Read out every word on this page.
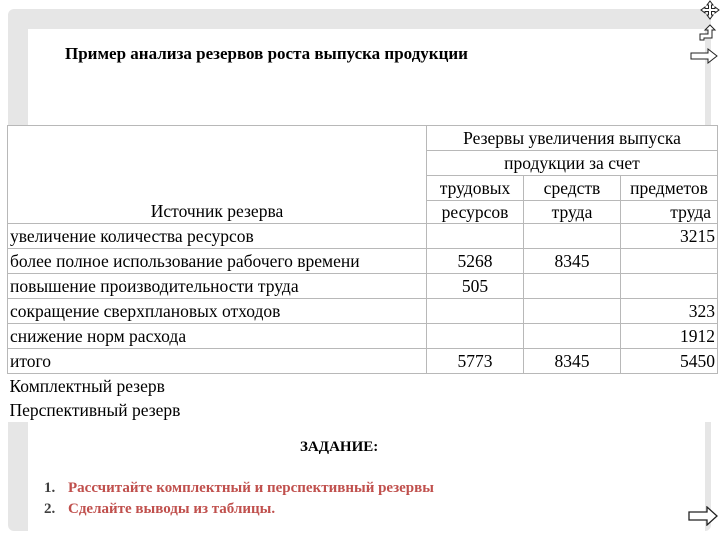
Пример анализа резервов роста выпуска продукции
Источник резерва	Резервы увеличения выпуска		
	продукции за счет		
	трудовых	средств	предметов
	ресурсов	труда	труда
увеличение количества ресурсов			3215
более полное использование рабочего времени	5268	8345	
повышение производительности труда	505		
сокращение сверхплановых отходов			323
снижение норм расхода			1912
итого	5773	8345	5450
Комплектный резерв			
Перспективный резерв			
ЗАДАНИЕ:
1. Рассчитайте комплектный и перспективный резервы
2. Сделайте выводы из таблицы.
